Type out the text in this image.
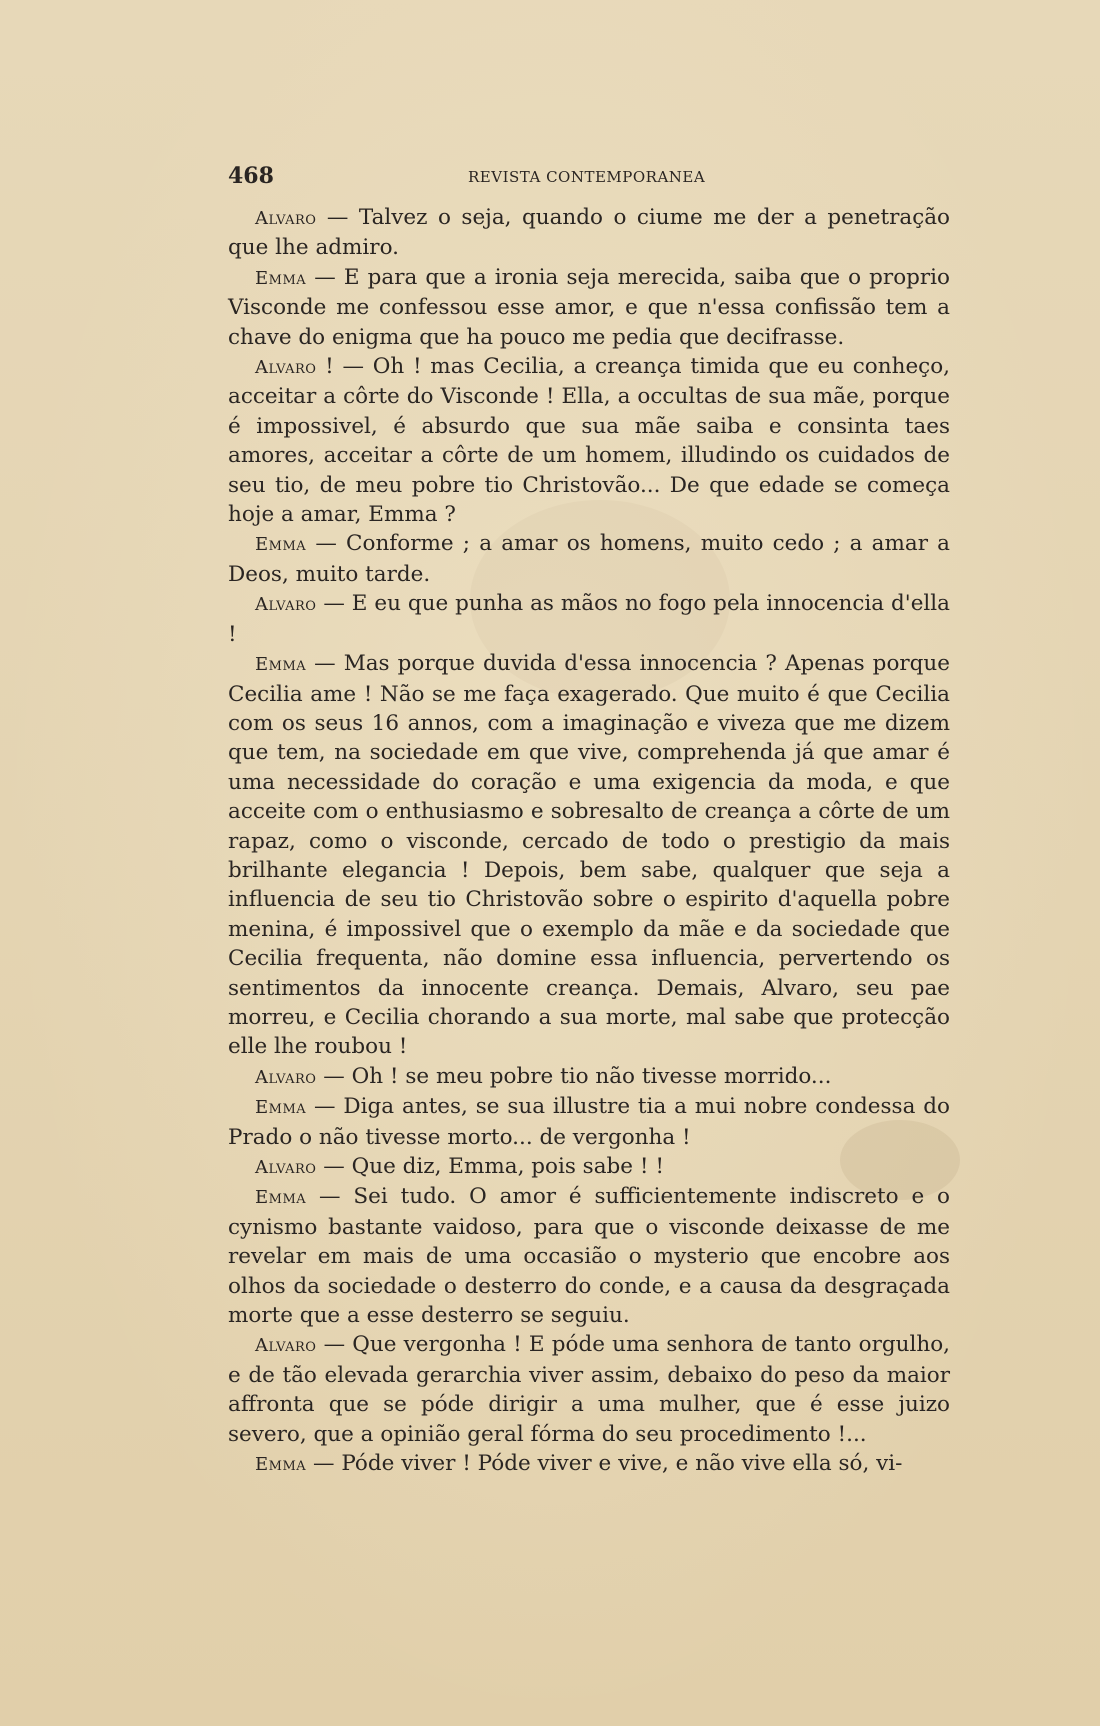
468	REVISTA CONTEMPORANEA

Alvaro — Talvez o seja, quando o ciume me der a penetração que lhe admiro.

Emma — E para que a ironia seja merecida, saiba que o proprio Visconde me confessou esse amor, e que n'essa confissão tem a chave do enigma que ha pouco me pedia que decifrasse.

Alvaro ! — Oh ! mas Cecilia, a creança timida que eu conheço, acceitar a côrte do Visconde ! Ella, a occultas de sua mãe, porque é impossivel, é absurdo que sua mãe saiba e consinta taes amores, acceitar a côrte de um homem, illudindo os cuidados de seu tio, de meu pobre tio Christovão... De que edade se começa hoje a amar, Emma ?

Emma — Conforme ; a amar os homens, muito cedo ; a amar a Deos, muito tarde.

Alvaro — E eu que punha as mãos no fogo pela innocencia d'ella !

Emma — Mas porque duvida d'essa innocencia ? Apenas porque Cecilia ame ! Não se me faça exagerado. Que muito é que Cecilia com os seus 16 annos, com a imaginação e viveza que me dizem que tem, na sociedade em que vive, comprehenda já que amar é uma necessidade do coração e uma exigencia da moda, e que acceite com o enthusiasmo e sobresalto de creança a côrte de um rapaz, como o visconde, cercado de todo o prestigio da mais brilhante elegancia ! Depois, bem sabe, qualquer que seja a influencia de seu tio Christovão sobre o espirito d'aquella pobre menina, é impossivel que o exemplo da mãe e da sociedade que Cecilia frequenta, não domine essa influencia, pervertendo os sentimentos da innocente creança. Demais, Alvaro, seu pae morreu, e Cecilia chorando a sua morte, mal sabe que protecção elle lhe roubou !

Alvaro — Oh ! se meu pobre tio não tivesse morrido...

Emma — Diga antes, se sua illustre tia a mui nobre condessa do Prado o não tivesse morto... de vergonha !

Alvaro — Que diz, Emma, pois sabe ! !

Emma — Sei tudo. O amor é sufficientemente indiscreto e o cynismo bastante vaidoso, para que o visconde deixasse de me revelar em mais de uma occasião o mysterio que encobre aos olhos da sociedade o desterro do conde, e a causa da desgraçada morte que a esse desterro se seguiu.

Alvaro — Que vergonha ! E póde uma senhora de tanto orgulho, e de tão elevada gerarchia viver assim, debaixo do peso da maior affronta que se póde dirigir a uma mulher, que é esse juizo severo, que a opinião geral fórma do seu procedimento !...

Emma — Póde viver ! Póde viver e vive, e não vive ella só, vi-
